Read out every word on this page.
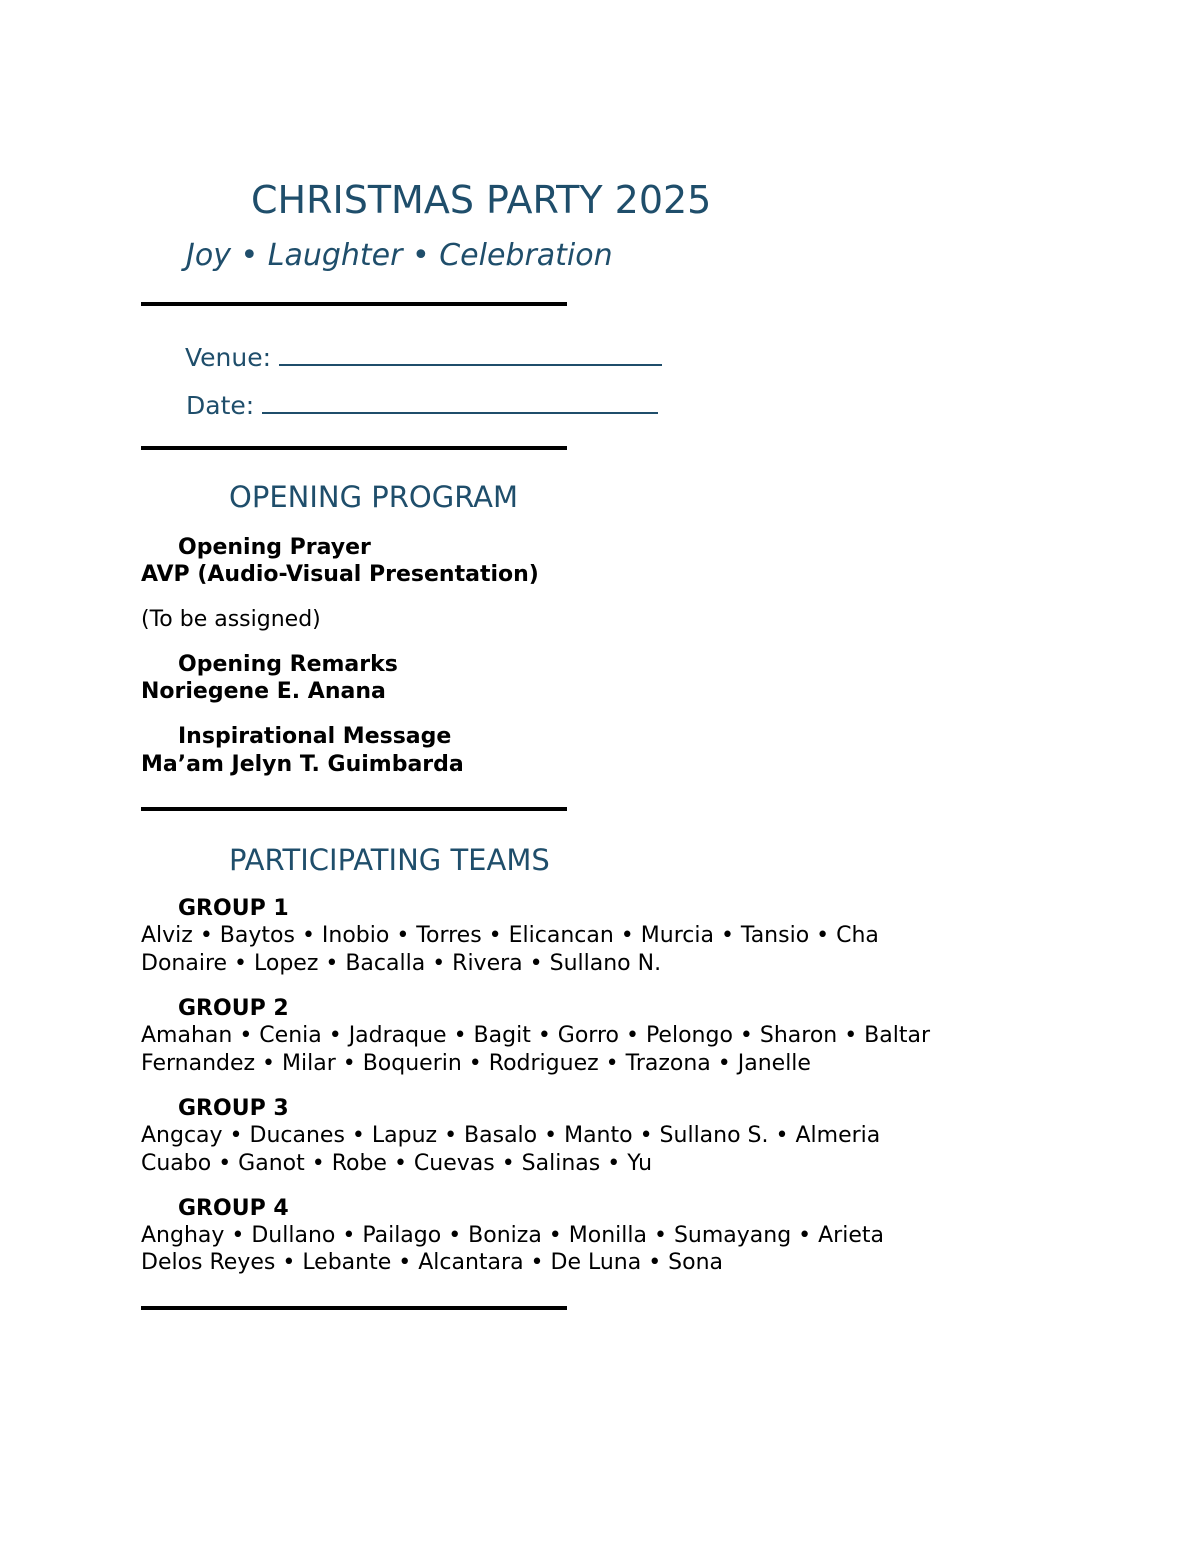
CHRISTMAS PARTY 2025
Joy • Laughter • Celebration
Venue:
Date:
OPENING PROGRAM
Opening Prayer
AVP (Audio-Visual Presentation)
(To be assigned)
Opening Remarks
Noriegene E. Anana
Inspirational Message
Ma’am Jelyn T. Guimbarda
PARTICIPATING TEAMS
GROUP 1
Alviz • Baytos • Inobio • Torres • Elicancan • Murcia • Tansio • Cha
Donaire • Lopez • Bacalla • Rivera • Sullano N.
GROUP 2
Amahan • Cenia • Jadraque • Bagit • Gorro • Pelongo • Sharon • Baltar
Fernandez • Milar • Boquerin • Rodriguez • Trazona • Janelle
GROUP 3
Angcay • Ducanes • Lapuz • Basalo • Manto • Sullano S. • Almeria
Cuabo • Ganot • Robe • Cuevas • Salinas • Yu
GROUP 4
Anghay • Dullano • Pailago • Boniza • Monilla • Sumayang • Arieta
Delos Reyes • Lebante • Alcantara • De Luna • Sona
